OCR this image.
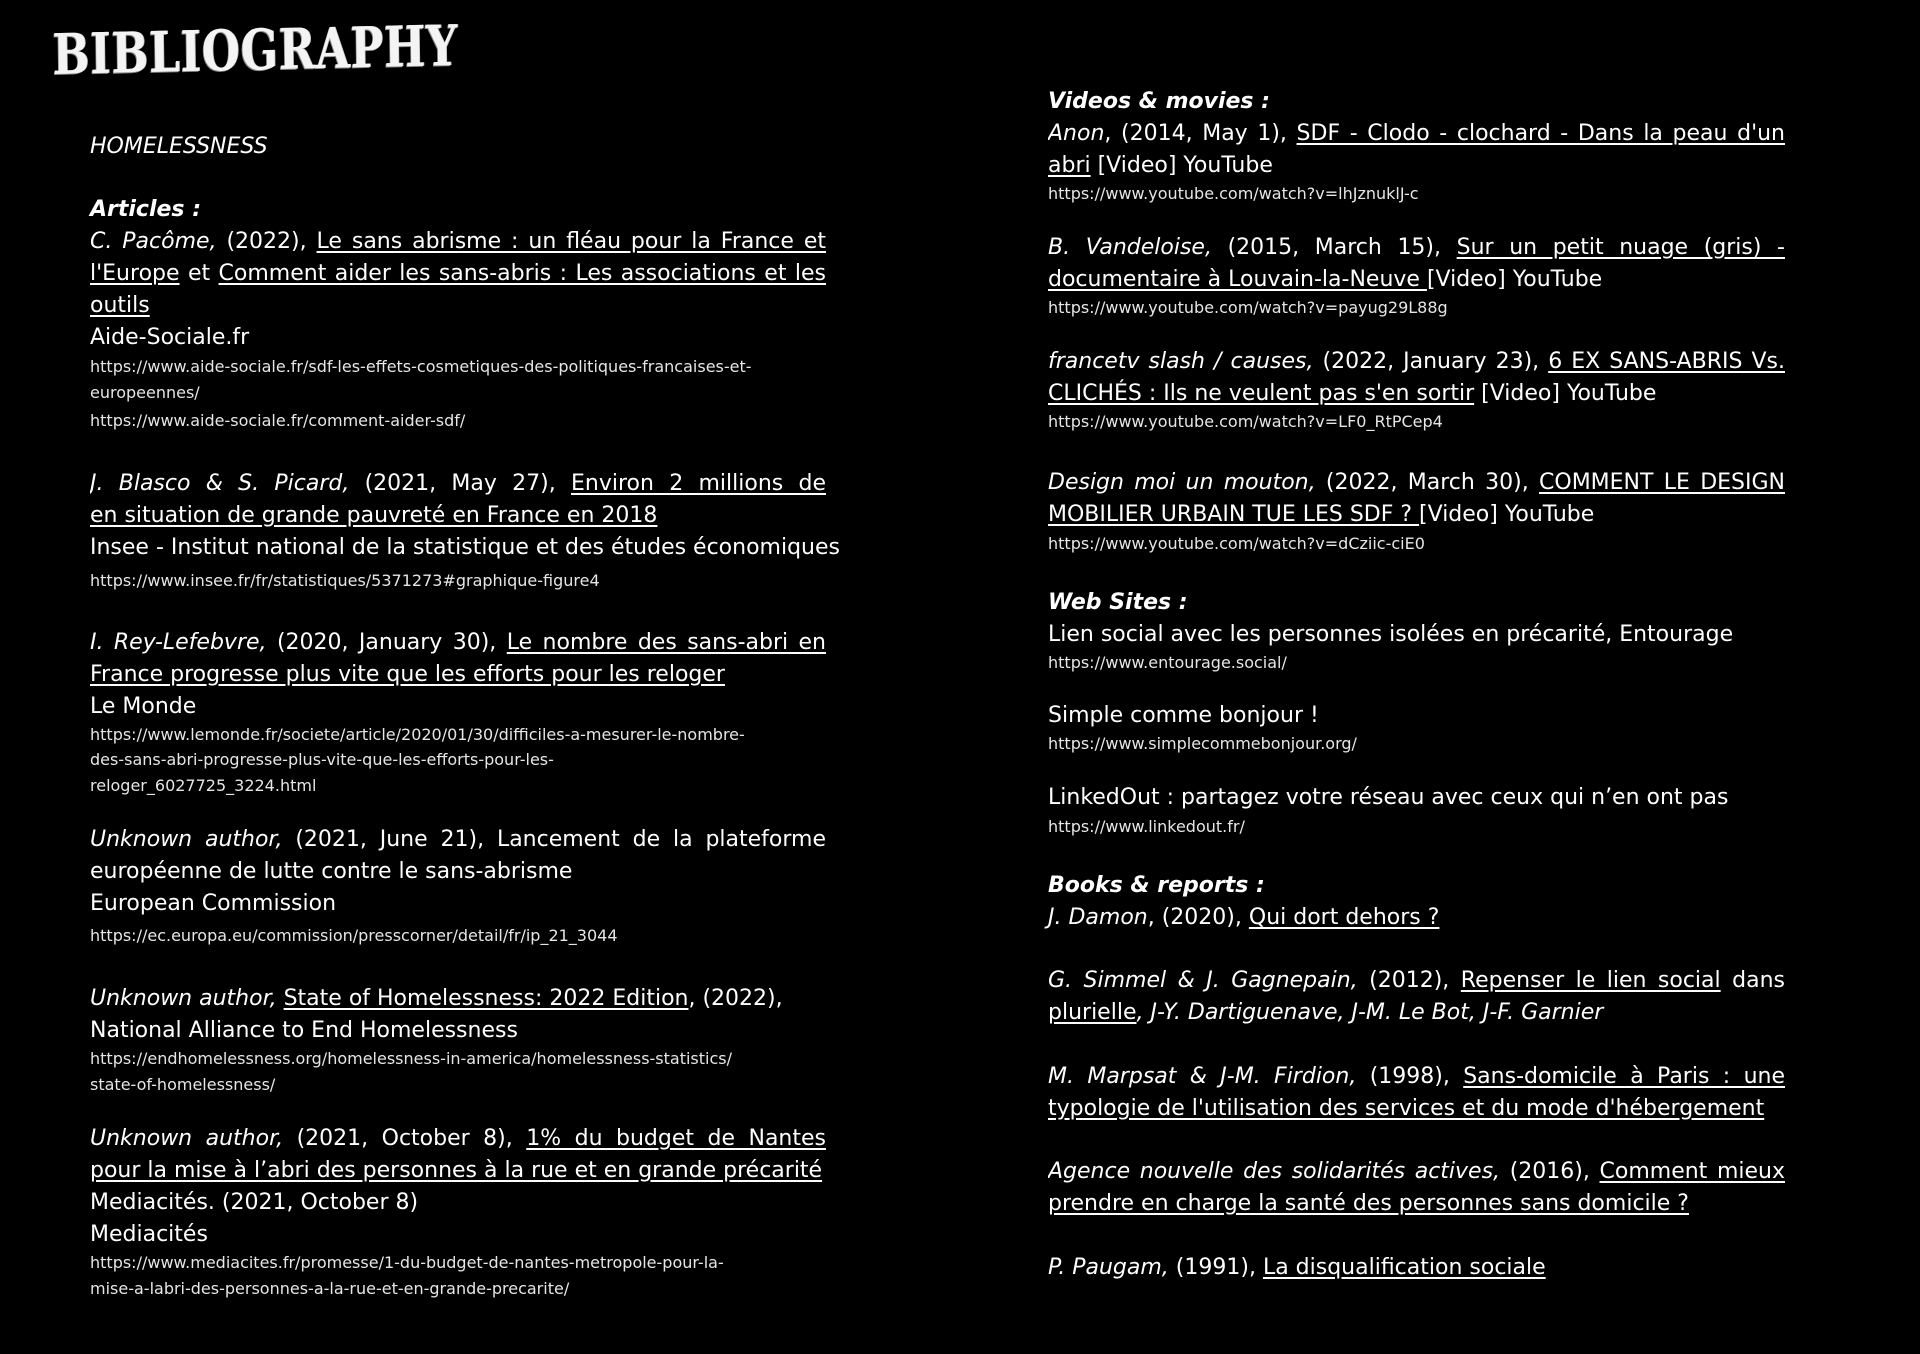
BIBLIOGRAPHY

HOMELESSNESS

Articles :

C. Pacôme, (2022), Le sans abrisme : un fléau pour la France et

l'Europe et Comment aider les sans-abris : Les associations et les

outils

Aide-Sociale.fr

https://www.aide-sociale.fr/sdf-les-effets-cosmetiques-des-politiques-francaises-et-

europeennes/

https://www.aide-sociale.fr/comment-aider-sdf/

J. Blasco & S. Picard, (2021, May 27), Environ 2 millions de

en situation de grande pauvreté en France en 2018

Insee - Institut national de la statistique et des études économiques

https://www.insee.fr/fr/statistiques/5371273#graphique-figure4

I. Rey-Lefebvre, (2020, January 30), Le nombre des sans-abri en

France progresse plus vite que les efforts pour les reloger

Le Monde

https://www.lemonde.fr/societe/article/2020/01/30/difficiles-a-mesurer-le-nombre-

des-sans-abri-progresse-plus-vite-que-les-efforts-pour-les-

reloger_6027725_3224.html

Unknown author, (2021, June 21), Lancement de la plateforme

européenne de lutte contre le sans-abrisme

European Commission

https://ec.europa.eu/commission/presscorner/detail/fr/ip_21_3044

Unknown author, State of Homelessness: 2022 Edition, (2022),

National Alliance to End Homelessness

https://endhomelessness.org/homelessness-in-america/homelessness-statistics/

state-of-homelessness/

Unknown author, (2021, October 8), 1% du budget de Nantes

pour la mise à l’abri des personnes à la rue et en grande précarité

Mediacités. (2021, October 8)

Mediacités

https://www.mediacites.fr/promesse/1-du-budget-de-nantes-metropole-pour-la-

mise-a-labri-des-personnes-a-la-rue-et-en-grande-precarite/

Videos & movies :

Anon, (2014, May 1), SDF - Clodo - clochard - Dans la peau d'un

abri [Video] YouTube

https://www.youtube.com/watch?v=lhJznuklJ-c

B. Vandeloise, (2015, March 15), Sur un petit nuage (gris) -

documentaire à Louvain-la-Neuve [Video] YouTube

https://www.youtube.com/watch?v=payug29L88g

francetv slash / causes, (2022, January 23), 6 EX SANS-ABRIS Vs.

CLICHÉS : Ils ne veulent pas s'en sortir [Video] YouTube

https://www.youtube.com/watch?v=LF0_RtPCep4

Design moi un mouton, (2022, March 30), COMMENT LE DESIGN

MOBILIER URBAIN TUE LES SDF ? [Video] YouTube

https://www.youtube.com/watch?v=dCziic-ciE0

Web Sites :

Lien social avec les personnes isolées en précarité, Entourage

https://www.entourage.social/

Simple comme bonjour !

https://www.simplecommebonjour.org/

LinkedOut : partagez votre réseau avec ceux qui n’en ont pas

https://www.linkedout.fr/

Books & reports :

J. Damon, (2020), Qui dort dehors ?

G. Simmel & J. Gagnepain, (2012), Repenser le lien social dans

plurielle, J-Y. Dartiguenave, J-M. Le Bot, J-F. Garnier

M. Marpsat & J-M. Firdion, (1998), Sans-domicile à Paris : une

typologie de l'utilisation des services et du mode d'hébergement

Agence nouvelle des solidarités actives, (2016), Comment mieux

prendre en charge la santé des personnes sans domicile ?

P. Paugam, (1991), La disqualification sociale
